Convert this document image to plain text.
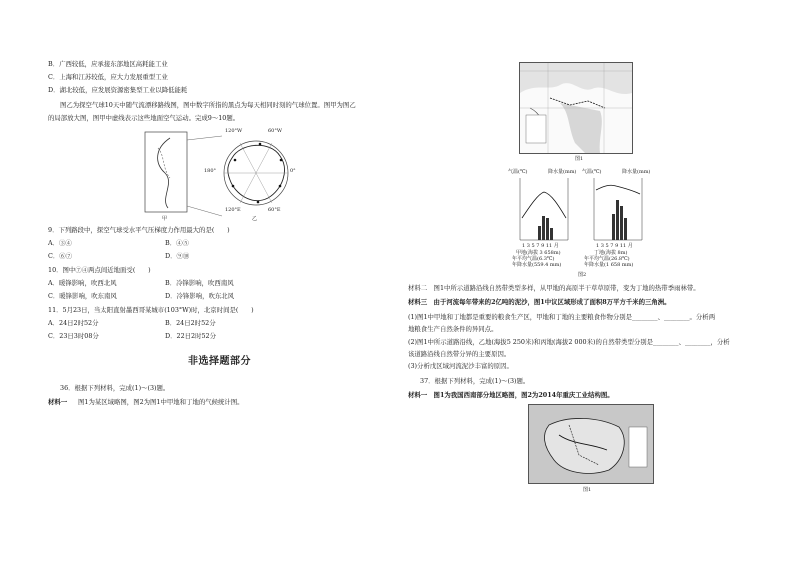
B．广西较低，应承接东部地区高耗能工业
C．上海和江苏较低，应大力发展重型工业
D．湖北较低，应发展资源密集型工业以降低能耗
图乙为探空气球10天中随气流漂移路线图，图中数字所指的黑点为每天相同时刻的气球位置。图甲为图乙
的局部放大图，图甲中虚线表示这些地面空气运动。完成9～10题。
120°W	60°W
180°	0°
120°E	60°E
甲	乙
9．下列路段中，探空气球受水平气压梯度力作用最大的是(　　)
A．③④	B．④⑤
C．⑥⑦	D．⑨⑩
10．图中⑦④两点间近地面受(　　)
A．暖锋影响，吹西北风	B．冷锋影响，吹西南风
C．暖锋影响，吹东南风	D．冷锋影响，吹东北风
11．5月23日，当太阳直射墨西哥某城市(103°W)时，北京时间是(　　)
A．24日2时52分	B．24日2时52分
C．23日3时08分	D．22日2时52分
非选择题部分
36．根据下列材料，完成(1)～(3)题。
材料一 图1为某区域略图，图2为图1中甲地和丁地的气候统计图。
图1
气温(℃)	降水量(mm)
1 3 5 7 9 11 月
甲地(海拔 3 658m)
年平均气温(6.3℃)
年降水量(559.4 mm)
气温(℃)	降水量(mm)
1 3 5 7 9 11 月
丁地(海拔 8m)
年平均气温(26.8℃)
年降水量(1 658 mm)
图2
材料二　图1中所示道路沿线自然带类型多样，从甲地的高原半干草草原带，变为丁地的热带季雨林带。
材料三　由于河流每年带来的2亿吨的泥沙，图1中议区域形成了面积8万平方千米的三角洲。
(1)图1中甲地和丁地都是重要的粮食生产区，甲地和丁地的主要粮食作物分别是________、________。分析两
地粮食生产自然条件的异同点。
(2)图1中所示道路沿线，乙地(海拔5 250米)和丙地(海拔2 000米)的自然带类型分别是________、________，分析
该道路沿线自然带分异的主要原因。
(3)分析戊区域河流泥沙丰富的原因。
37．根据下列材料，完成(1)～(3)题。
材料一　图1为我国西南部分地区略图，图2为2014年重庆工业结构图。
图1
